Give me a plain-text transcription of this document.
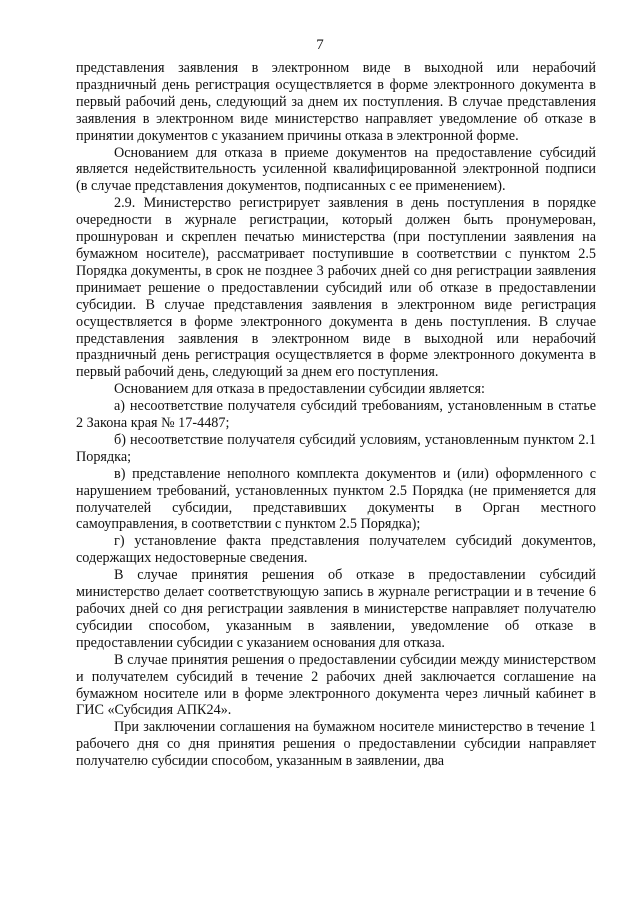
7

представления заявления в электронном виде в выходной или нерабочий праздничный день регистрация осуществляется в форме электронного документа в первый рабочий день, следующий за днем их поступления. В случае представления заявления в электронном виде министерство направляет уведомление об отказе в принятии документов с указанием причины отказа в электронной форме.

Основанием для отказа в приеме документов на предоставление субсидий является недействительность усиленной квалифицированной электронной подписи (в случае представления документов, подписанных с ее применением).

2.9. Министерство регистрирует заявления в день поступления в порядке очередности в журнале регистрации, который должен быть пронумерован, прошнурован и скреплен печатью министерства (при поступлении заявления на бумажном носителе), рассматривает поступившие в соответствии с пунктом 2.5 Порядка документы, в срок не позднее 3 рабочих дней со дня регистрации заявления принимает решение о предоставлении субсидий или об отказе в предоставлении субсидии. В случае представления заявления в электронном виде регистрация осуществляется в форме электронного документа в день поступления. В случае представления заявления в электронном виде в выходной или нерабочий праздничный день регистрация осуществляется в форме электронного документа в первый рабочий день, следующий за днем его поступления.

Основанием для отказа в предоставлении субсидии является:

а) несоответствие получателя субсидий требованиям, установленным в статье 2 Закона края № 17-4487;

б) несоответствие получателя субсидий условиям, установленным пунктом 2.1 Порядка;

в) представление неполного комплекта документов и (или) оформленного с нарушением требований, установленных пунктом 2.5 Порядка (не применяется для получателей субсидии, представивших документы в Орган местного самоуправления, в соответствии с пунктом 2.5 Порядка);

г) установление факта представления получателем субсидий документов, содержащих недостоверные сведения.

В случае принятия решения об отказе в предоставлении субсидий министерство делает соответствующую запись в журнале регистрации и в течение 6 рабочих дней со дня регистрации заявления в министерстве направляет получателю субсидии способом, указанным в заявлении, уведомление об отказе в предоставлении субсидии с указанием основания для отказа.

В случае принятия решения о предоставлении субсидии между министерством и получателем субсидий в течение 2 рабочих дней заключается соглашение на бумажном носителе или в форме электронного документа через личный кабинет в ГИС «Субсидия АПК24».

При заключении соглашения на бумажном носителе министерство в течение 1 рабочего дня со дня принятия решения о предоставлении субсидии направляет получателю субсидии способом, указанным в заявлении, два
